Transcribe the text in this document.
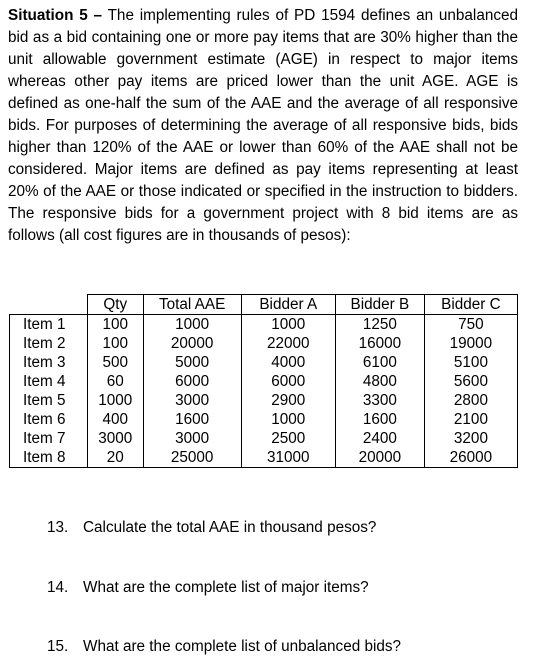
Situation 5 – The implementing rules of PD 1594 defines an unbalanced bid as a bid containing one or more pay items that are 30% higher than the unit allowable government estimate (AGE) in respect to major items whereas other pay items are priced lower than the unit AGE. AGE is defined as one-half the sum of the AAE and the average of all responsive bids. For purposes of determining the average of all responsive bids, bids higher than 120% of the AAE or lower than 60% of the AAE shall not be considered. Major items are defined as pay items representing at least 20% of the AAE or those indicated or specified in the instruction to bidders. The responsive bids for a government project with 8 bid items are as follows (all cost figures are in thousands of pesos):

	Qty	Total AAE	Bidder A	Bidder B	Bidder C
Item 1	100	1000	1000	1250	750
Item 2	100	20000	22000	16000	19000
Item 3	500	5000	4000	6100	5100
Item 4	60	6000	6000	4800	5600
Item 5	1000	3000	2900	3300	2800
Item 6	400	1600	1000	1600	2100
Item 7	3000	3000	2500	2400	3200
Item 8	20	25000	31000	20000	26000
13. Calculate the total AAE in thousand pesos?
14. What are the complete list of major items?
15. What are the complete list of unbalanced bids?
